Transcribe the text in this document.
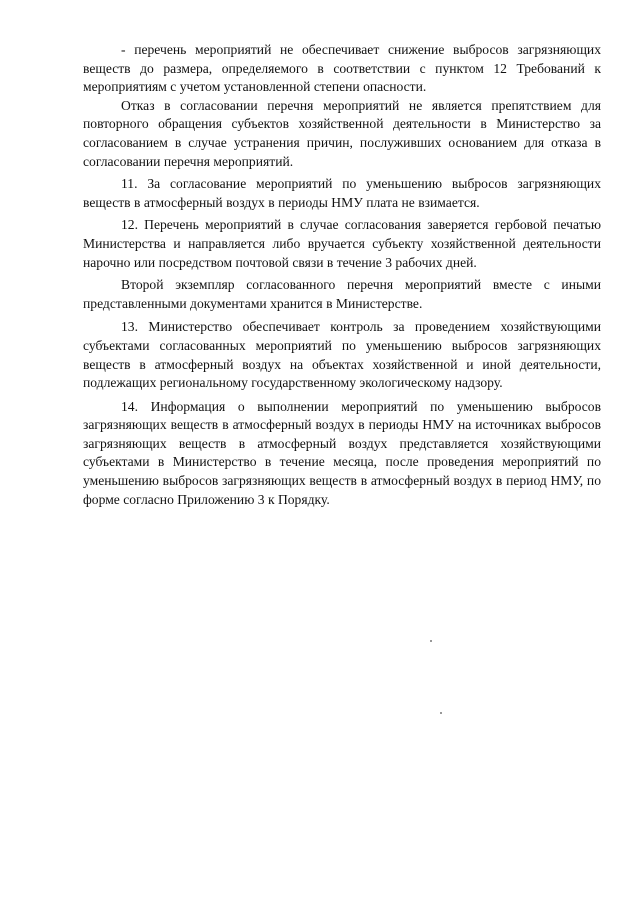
- перечень мероприятий не обеспечивает снижение выбросов загрязняющих веществ до размера, определяемого в соответствии с пунктом 12 Требований к мероприятиям с учетом установленной степени опасности.

Отказ в согласовании перечня мероприятий не является препятствием для повторного обращения субъектов хозяйственной деятельности в Министерство за согласованием в случае устранения причин, послуживших основанием для отказа в согласовании перечня мероприятий.

11. За согласование мероприятий по уменьшению выбросов загрязняющих веществ в атмосферный воздух в периоды НМУ плата не взимается.

12. Перечень мероприятий в случае согласования заверяется гербовой печатью Министерства и направляется либо вручается субъекту хозяйственной деятельности нарочно или посредством почтовой связи в течение 3 рабочих дней.

Второй экземпляр согласованного перечня мероприятий вместе с иными представленными документами хранится в Министерстве.

13. Министерство обеспечивает контроль за проведением хозяйствующими субъектами согласованных мероприятий по уменьшению выбросов загрязняющих веществ в атмосферный воздух на объектах хозяйственной и иной деятельности, подлежащих региональному государственному экологическому надзору.

14. Информация о выполнении мероприятий по уменьшению выбросов загрязняющих веществ в атмосферный воздух в периоды НМУ на источниках выбросов загрязняющих веществ в атмосферный воздух представляется хозяйствующими субъектами в Министерство в течение месяца, после проведения мероприятий по уменьшению выбросов загрязняющих веществ в атмосферный воздух в период НМУ, по форме согласно Приложению 3 к Порядку.
